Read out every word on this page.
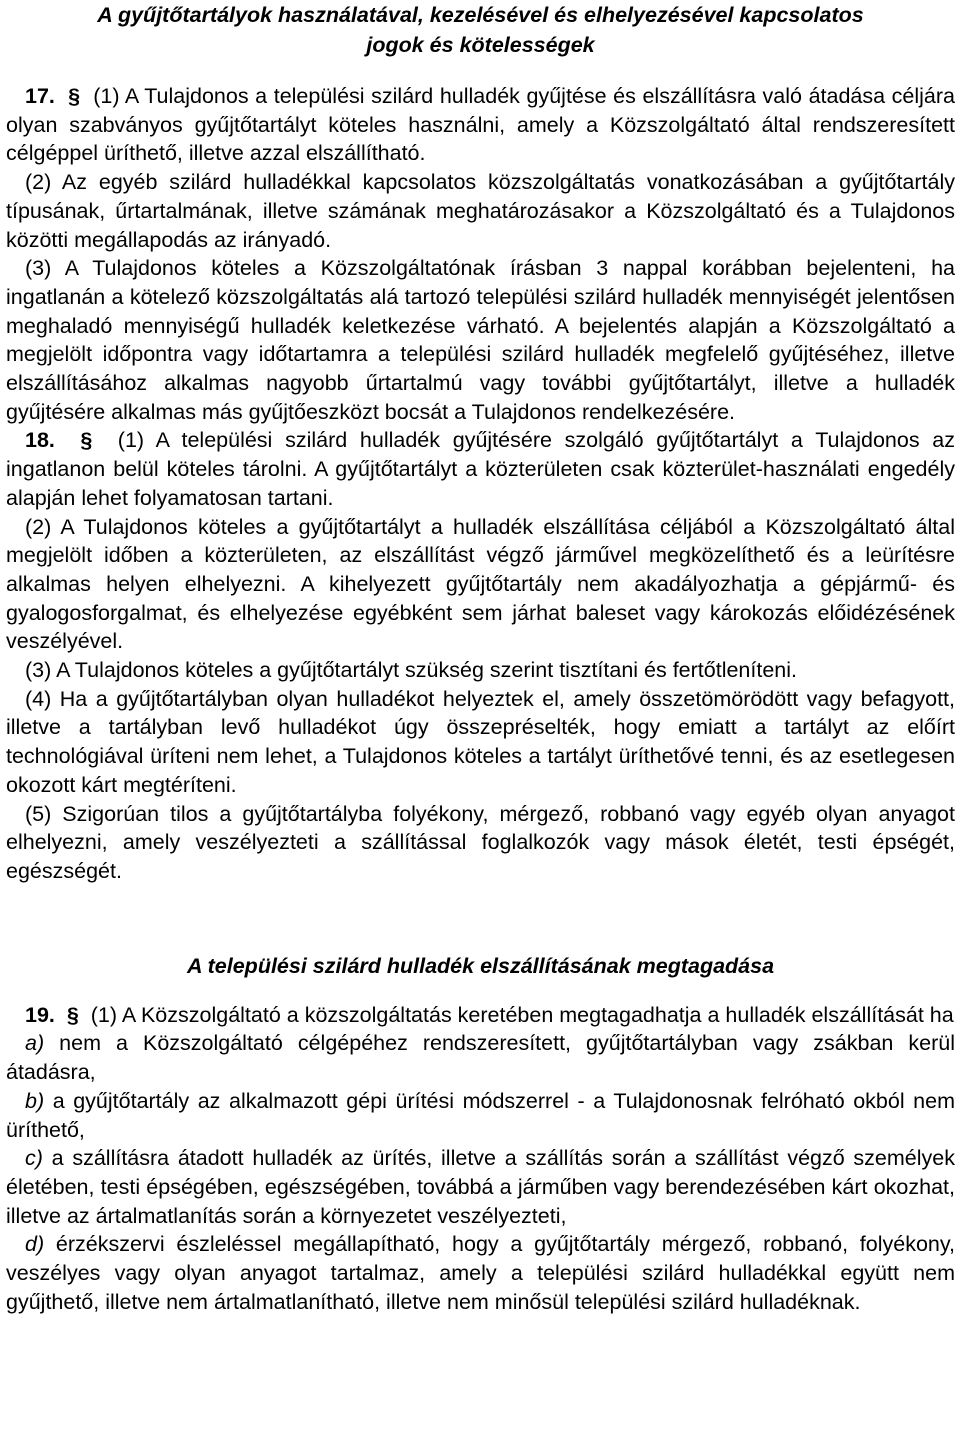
A gyűjtőtartályok használatával, kezelésével és elhelyezésével kapcsolatos

jogok és kötelességek

17. § (1) A Tulajdonos a települési szilárd hulladék gyűjtése és elszállításra való átadása céljára olyan szabványos gyűjtőtartályt köteles használni, amely a Közszolgáltató által rendszeresített célgéppel üríthető, illetve azzal elszállítható.

(2) Az egyéb szilárd hulladékkal kapcsolatos közszolgáltatás vonatkozásában a gyűjtőtartály típusának, űrtartalmának, illetve számának meghatározásakor a Közszolgáltató és a Tulajdonos közötti megállapodás az irányadó.

(3) A Tulajdonos köteles a Közszolgáltatónak írásban 3 nappal korábban bejelenteni, ha ingatlanán a kötelező közszolgáltatás alá tartozó települési szilárd hulladék mennyiségét jelentősen meghaladó mennyiségű hulladék keletkezése várható. A bejelentés alapján a Közszolgáltató a megjelölt időpontra vagy időtartamra a települési szilárd hulladék megfelelő gyűjtéséhez, illetve elszállításához alkalmas nagyobb űrtartalmú vagy további gyűjtőtartályt, illetve a hulladék gyűjtésére alkalmas más gyűjtőeszközt bocsát a Tulajdonos rendelkezésére.

18. § (1) A települési szilárd hulladék gyűjtésére szolgáló gyűjtőtartályt a Tulajdonos az ingatlanon belül köteles tárolni. A gyűjtőtartályt a közterületen csak közterület-használati engedély alapján lehet folyamatosan tartani.

(2) A Tulajdonos köteles a gyűjtőtartályt a hulladék elszállítása céljából a Közszolgáltató által megjelölt időben a közterületen, az elszállítást végző járművel megközelíthető és a leürítésre alkalmas helyen elhelyezni. A kihelyezett gyűjtőtartály nem akadályozhatja a gépjármű- és gyalogosforgalmat, és elhelyezése egyébként sem járhat baleset vagy károkozás előidézésének veszélyével.

(3) A Tulajdonos köteles a gyűjtőtartályt szükség szerint tisztítani és fertőtleníteni.

(4) Ha a gyűjtőtartályban olyan hulladékot helyeztek el, amely összetömörödött vagy befagyott, illetve a tartályban levő hulladékot úgy összepréselték, hogy emiatt a tartályt az előírt technológiával üríteni nem lehet, a Tulajdonos köteles a tartályt üríthetővé tenni, és az esetlegesen okozott kárt megtéríteni.

(5) Szigorúan tilos a gyűjtőtartályba folyékony, mérgező, robbanó vagy egyéb olyan anyagot elhelyezni, amely veszélyezteti a szállítással foglalkozók vagy mások életét, testi épségét, egészségét.

A települési szilárd hulladék elszállításának megtagadása

19. § (1) A Közszolgáltató a közszolgáltatás keretében megtagadhatja a hulladék elszállítását ha

a) nem a Közszolgáltató célgépéhez rendszeresített, gyűjtőtartályban vagy zsákban kerül átadásra,

b) a gyűjtőtartály az alkalmazott gépi ürítési módszerrel - a Tulajdonosnak felróható okból nem üríthető,

c) a szállításra átadott hulladék az ürítés, illetve a szállítás során a szállítást végző személyek életében, testi épségében, egészségében, továbbá a járműben vagy berendezésében kárt okozhat, illetve az ártalmatlanítás során a környezetet veszélyezteti,

d) érzékszervi észleléssel megállapítható, hogy a gyűjtőtartály mérgező, robbanó, folyékony, veszélyes vagy olyan anyagot tartalmaz, amely a települési szilárd hulladékkal együtt nem gyűjthető, illetve nem ártalmatlanítható, illetve nem minősül települési szilárd hulladéknak.
